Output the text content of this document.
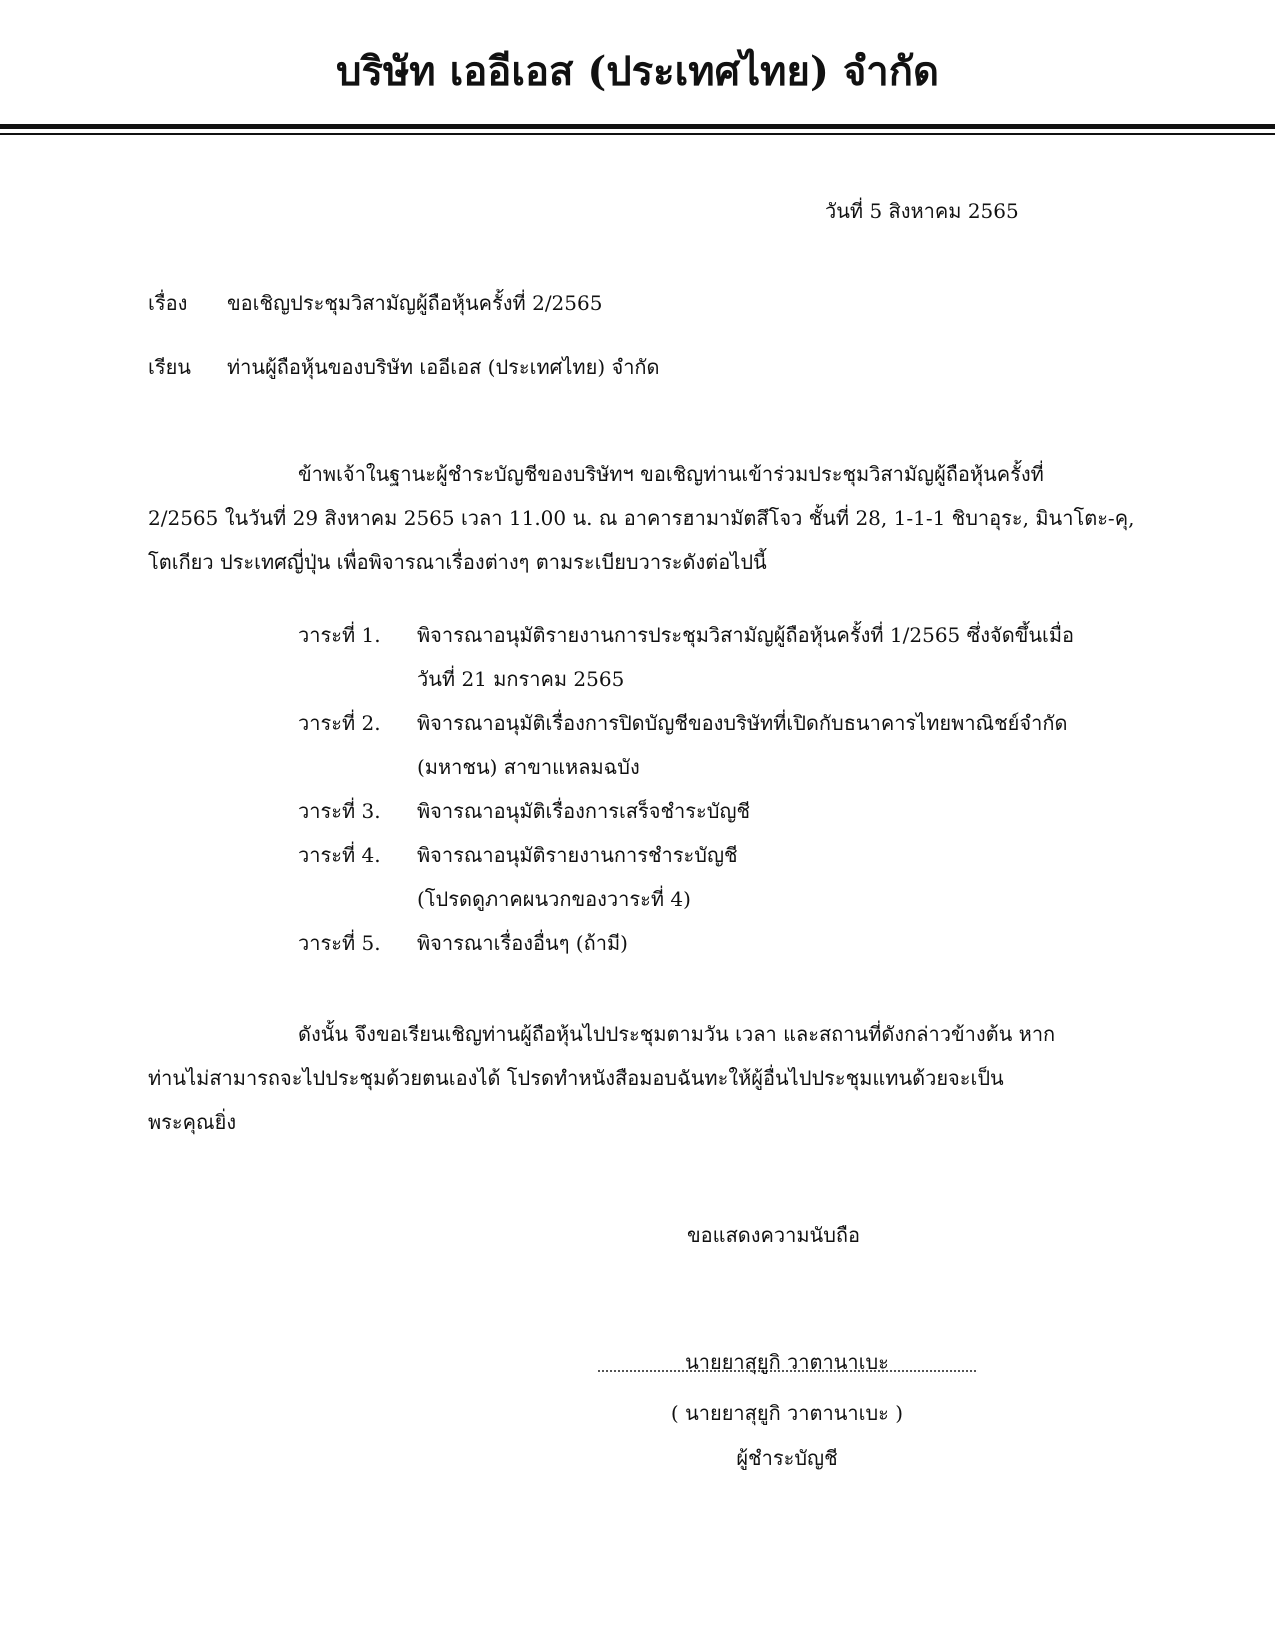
บริษัท เออีเอส (ประเทศไทย) จำกัด
วันที่ 5 สิงหาคม 2565
เรื่อง ขอเชิญประชุมวิสามัญผู้ถือหุ้นครั้งที่ 2/2565
เรียน ท่านผู้ถือหุ้นของบริษัท เออีเอส (ประเทศไทย) จำกัด
ข้าพเจ้าในฐานะผู้ชำระบัญชีของบริษัทฯ ขอเชิญท่านเข้าร่วมประชุมวิสามัญผู้ถือหุ้นครั้งที่
2/2565 ในวันที่ 29 สิงหาคม 2565 เวลา 11.00 น. ณ อาคารฮามามัตสึโจว ชั้นที่ 28, 1-1-1 ชิบาอุระ, มินาโตะ-คุ,
โตเกียว ประเทศญี่ปุ่น เพื่อพิจารณาเรื่องต่างๆ ตามระเบียบวาระดังต่อไปนี้
วาระที่ 1.	พิจารณาอนุมัติรายงานการประชุมวิสามัญผู้ถือหุ้นครั้งที่ 1/2565 ซึ่งจัดขึ้นเมื่อ
วันที่ 21 มกราคม 2565
วาระที่ 2.	พิจารณาอนุมัติเรื่องการปิดบัญชีของบริษัทที่เปิดกับธนาคารไทยพาณิชย์จำกัด
(มหาชน) สาขาแหลมฉบัง
วาระที่ 3.	พิจารณาอนุมัติเรื่องการเสร็จชำระบัญชี
วาระที่ 4.	พิจารณาอนุมัติรายงานการชำระบัญชี
(โปรดดูภาคผนวกของวาระที่ 4)
วาระที่ 5.	พิจารณาเรื่องอื่นๆ (ถ้ามี)
ดังนั้น จึงขอเรียนเชิญท่านผู้ถือหุ้นไปประชุมตามวัน เวลา และสถานที่ดังกล่าวข้างต้น หาก
ท่านไม่สามารถจะไปประชุมด้วยตนเองได้ โปรดทำหนังสือมอบฉันทะให้ผู้อื่นไปประชุมแทนด้วยจะเป็น
พระคุณยิ่ง
ขอแสดงความนับถือ
นายยาสุยูกิ วาตานาเบะ
( นายยาสุยูกิ วาตานาเบะ )
ผู้ชำระบัญชี
